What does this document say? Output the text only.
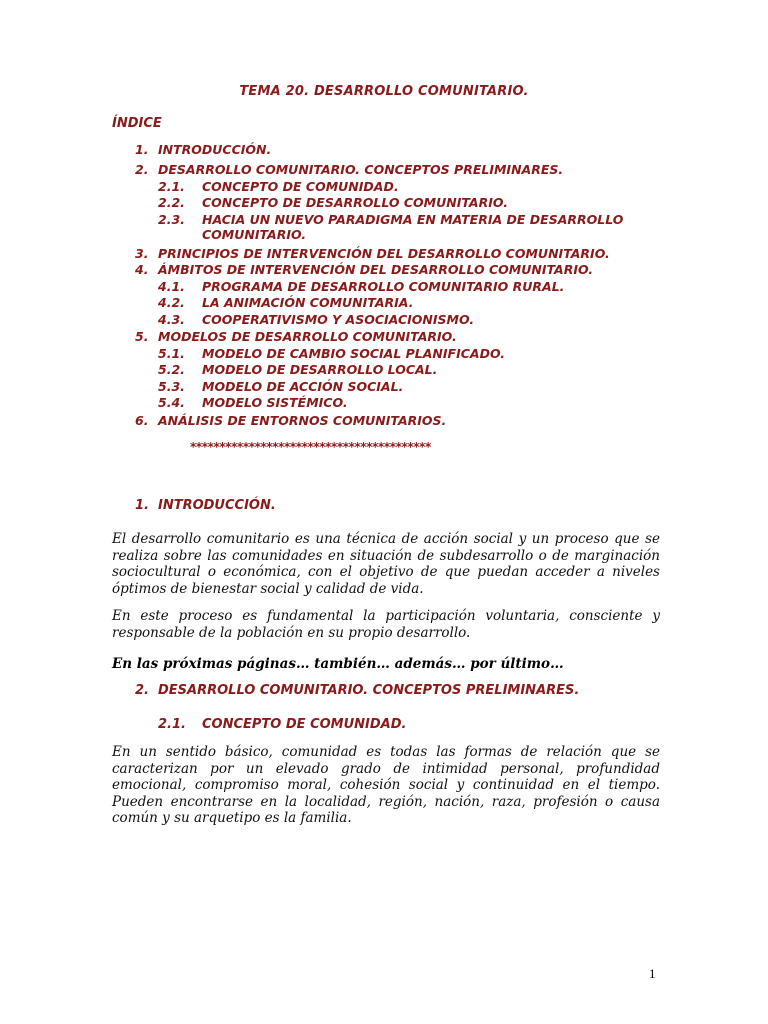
TEMA 20. DESARROLLO COMUNITARIO.
ÍNDICE
1. INTRODUCCIÓN.
2. DESARROLLO COMUNITARIO. CONCEPTOS PRELIMINARES.
2.1. CONCEPTO DE COMUNIDAD.
2.2. CONCEPTO DE DESARROLLO COMUNITARIO.
2.3. HACIA UN NUEVO PARADIGMA EN MATERIA DE DESARROLLO
COMUNITARIO.
3. PRINCIPIOS DE INTERVENCIÓN DEL DESARROLLO COMUNITARIO.
4. ÁMBITOS DE INTERVENCIÓN DEL DESARROLLO COMUNITARIO.
4.1. PROGRAMA DE DESARROLLO COMUNITARIO RURAL.
4.2. LA ANIMACIÓN COMUNITARIA.
4.3. COOPERATIVISMO Y ASOCIACIONISMO.
5. MODELOS DE DESARROLLO COMUNITARIO.
5.1. MODELO DE CAMBIO SOCIAL PLANIFICADO.
5.2. MODELO DE DESARROLLO LOCAL.
5.3. MODELO DE ACCIÓN SOCIAL.
5.4. MODELO SISTÉMICO.
6. ANÁLISIS DE ENTORNOS COMUNITARIOS.
*****************************************
1. INTRODUCCIÓN.
El desarrollo comunitario es una técnica de acción social y un proceso que se realiza sobre las comunidades en situación de subdesarrollo o de marginación sociocultural o económica, con el objetivo de que puedan acceder a niveles óptimos de bienestar social y calidad de vida.
En este proceso es fundamental la participación voluntaria, consciente y responsable de la población en su propio desarrollo.
En las próximas páginas… también… además… por último…
2. DESARROLLO COMUNITARIO. CONCEPTOS PRELIMINARES.
2.1. CONCEPTO DE COMUNIDAD.
En un sentido básico, comunidad es todas las formas de relación que se caracterizan por un elevado grado de intimidad personal, profundidad emocional, compromiso moral, cohesión social y continuidad en el tiempo. Pueden encontrarse en la localidad, región, nación, raza, profesión o causa común y su arquetipo es la familia.
1
